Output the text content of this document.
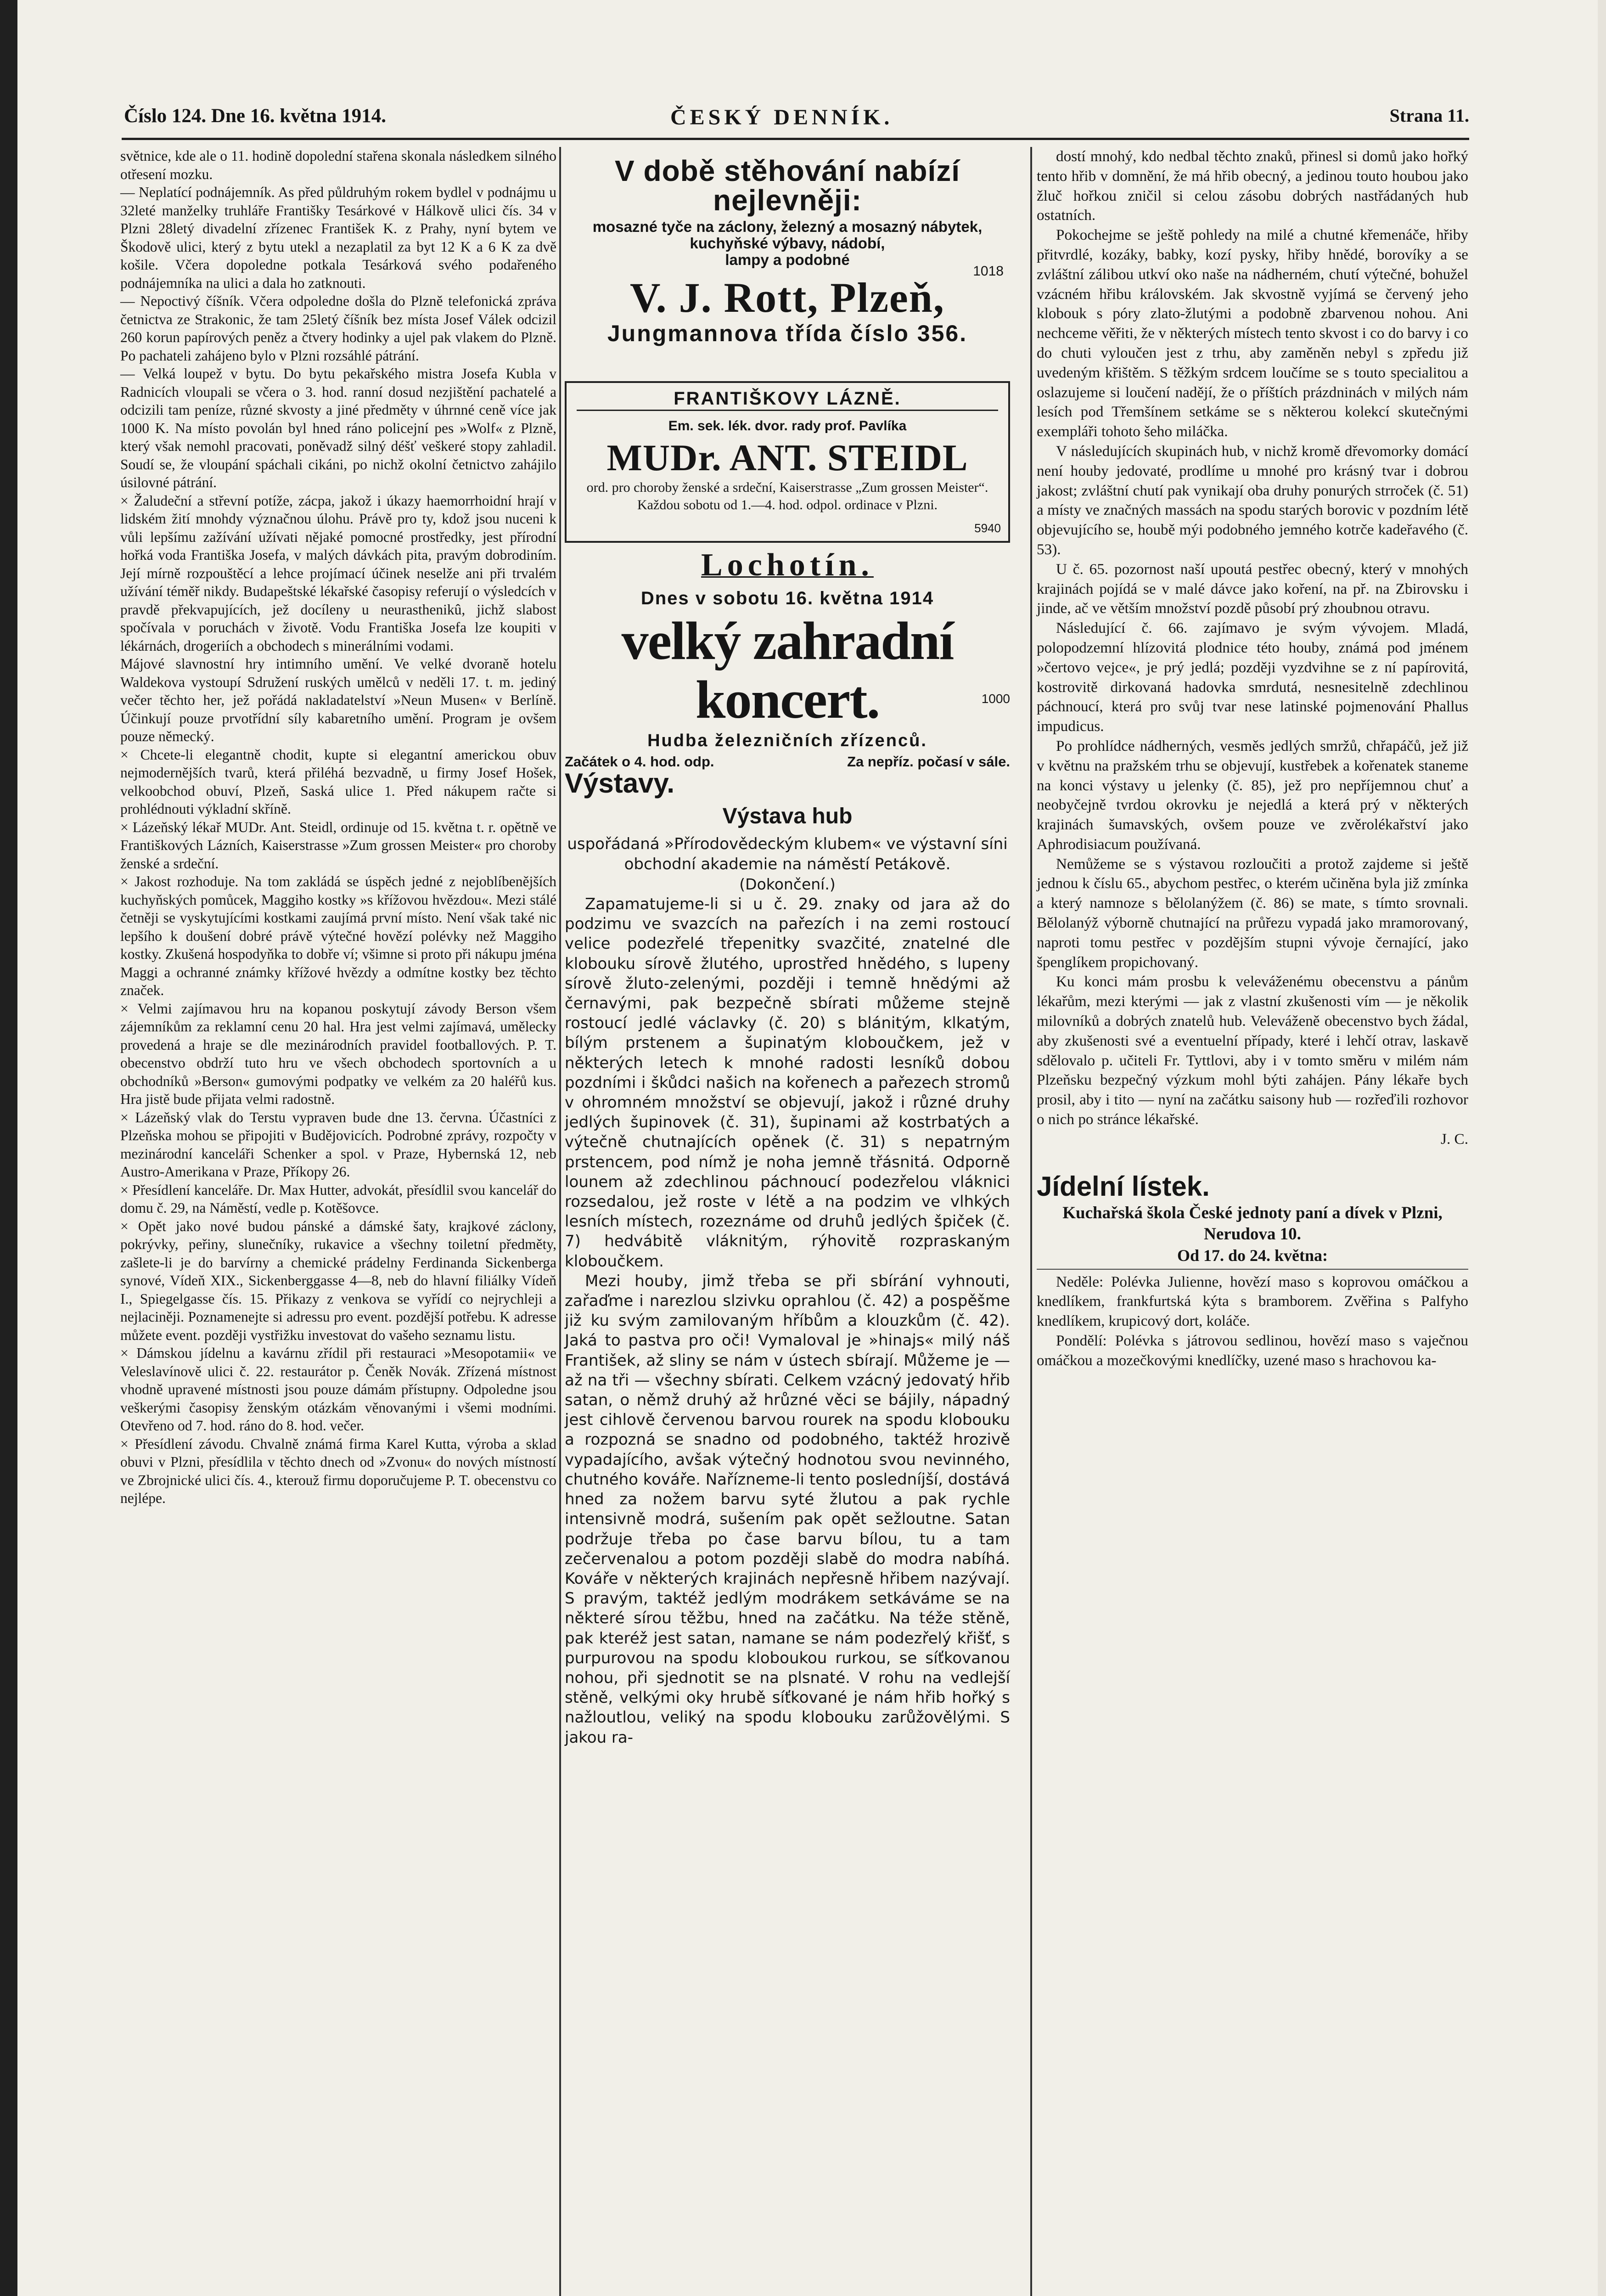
Číslo 124. Dne 16. května 1914.	ČESKÝ DENNÍK.	Strana 11.

světnice, kde ale o 11. hodině dopolední stařena skonala následkem silného otřesení mozku.

— Neplatící podnájemník. As před půldruhým rokem bydlel v podnájmu u 32leté manželky truhláře Františky Tesárkové v Hálkově ulici čís. 34 v Plzni 28letý divadelní zřízenec František K. z Prahy, nyní bytem ve Škodově ulici, který z bytu utekl a nezaplatil za byt 12 K a 6 K za dvě košile. Včera dopoledne potkala Tesárková svého podařeného podnájemníka na ulici a dala ho zatknouti.

— Nepoctivý číšník. Včera odpoledne došla do Plzně telefonická zpráva četnictva ze Strakonic, že tam 25letý číšník bez místa Josef Válek odcizil 260 korun papírových peněz a čtvery hodinky a ujel pak vlakem do Plzně. Po pachateli zahájeno bylo v Plzni rozsáhlé pátrání.

— Velká loupež v bytu. Do bytu pekařského mistra Josefa Kubla v Radnicích vloupali se včera o 3. hod. ranní dosud nezjištění pachatelé a odcizili tam peníze, různé skvosty a jiné předměty v úhrnné ceně více jak 1000 K. Na místo povolán byl hned ráno policejní pes »Wolf« z Plzně, který však nemohl pracovati, poněvadž silný déšť veškeré stopy zahladil. Soudí se, že vloupání spáchali cikáni, po nichž okolní četnictvo zahájilo úsilovné pátrání.

× Žaludeční a střevní potíže, zácpa, jakož i úkazy haemorrhoidní hrají v lidském žití mnohdy význačnou úlohu. Právě pro ty, kdož jsou nuceni k vůli lepšímu zažívání užívati nějaké pomocné prostředky, jest přírodní hořká voda Františka Josefa, v malých dávkách pita, pravým dobrodiním. Její mírně rozpouštěcí a lehce projímací účinek neselže ani při trvalém užívání téměř nikdy. Budapeštské lékařské časopisy referují o výsledcích v pravdě překvapujících, jež docíleny u neurasthenikû, jichž slabost spočívala v poruchách v životě. Vodu Františka Josefa lze koupiti v lékárnách, drogeriích a obchodech s minerálními vodami.

Májové slavnostní hry intimního umění. Ve velké dvoraně hotelu Waldekova vystoupí Sdružení ruských umělců v neděli 17. t. m. jediný večer těchto her, jež pořádá nakladatelství »Neun Musen« v Berlíně. Účinkují pouze prvotřídní síly kabaretního umění. Program je ovšem pouze německý.

× Chcete-li elegantně chodit, kupte si elegantní americkou obuv nejmodernějších tvarů, která přiléhá bezvadně, u firmy Josef Hošek, velkoobchod obuví, Plzeň, Saská ulice 1. Před nákupem račte si prohlédnouti výkladní skříně.

× Lázeňský lékař MUDr. Ant. Steidl, ordinuje od 15. května t. r. opětně ve Františkových Lázních, Kaiserstrasse »Zum grossen Meister« pro choroby ženské a srdeční.

× Jakost rozhoduje. Na tom zakládá se úspěch jedné z nejoblíbenějších kuchyňských pomůcek, Maggiho kostky »s křížovou hvězdou«. Mezi stálé četněji se vyskytujícími kostkami zaujímá první místo. Není však také nic lepšího k doušení dobré právě výtečné hovězí polévky než Maggiho kostky. Zkušená hospodyňka to dobře ví; všimne si proto při nákupu jména Maggi a ochranné známky křížové hvězdy a odmítne kostky bez těchto značek.

× Velmi zajímavou hru na kopanou poskytují závody Berson všem zájemníkům za reklamní cenu 20 hal. Hra jest velmi zajímavá, umělecky provedená a hraje se dle mezinárodních pravidel footballových. P. T. obecenstvo obdrží tuto hru ve všech obchodech sportovních a u obchodníků »Berson« gumovými podpatky ve velkém za 20 haléřů kus. Hra jistě bude přijata velmi radostně.

× Lázeňský vlak do Terstu vypraven bude dne 13. června. Účastníci z Plzeňska mohou se připojiti v Budějovicích. Podrobné zprávy, rozpočty v mezinárodní kanceláři Schenker a spol. v Praze, Hybernská 12, neb Austro-Amerikana v Praze, Příkopy 26.

× Přesídlení kanceláře. Dr. Max Hutter, advokát, přesídlil svou kancelář do domu č. 29, na Náměstí, vedle p. Kotěšovce.

× Opět jako nové budou pánské a dámské šaty, krajkové záclony, pokrývky, peřiny, slunečníky, rukavice a všechny toiletní předměty, zašlete-li je do barvírny a chemické prádelny Ferdinanda Sickenberga synové, Vídeň XIX., Sickenberggasse 4—8, neb do hlavní filiálky Vídeň I., Spiegelgasse čís. 15. Přikazy z venkova se vyřídí co nejrychleji a nejlaciněji. Poznamenejte si adressu pro event. pozdější potřebu. K adresse můžete event. později vystřižku investovat do vašeho seznamu listu.

× Dámskou jídelnu a kavárnu zřídil při restauraci »Mesopotamii« ve Veleslavínově ulici č. 22. restaurátor p. Čeněk Novák. Zřízená místnost vhodně upravené místnosti jsou pouze dámám přístupny. Odpoledne jsou veškerými časopisy ženským otázkám věnovanými i všemi modními. Otevřeno od 7. hod. ráno do 8. hod. večer.

× Přesídlení závodu. Chvalně známá firma Karel Kutta, výroba a sklad obuvi v Plzni, přesídlila v těchto dnech od »Zvonu« do nových místností ve Zbrojnické ulici čís. 4., kterouž firmu doporučujeme P. T. obecenstvu co nejlépe.

V době stěhování nabízí nejlevněji:
mosazné tyče na záclony, železný a mosazný nábytek, kuchyňské výbavy, nádobí,
lampy a podobné
1018
V. J. Rott, Plzeň,
Jungmannova třída číslo 356.
FRANTIŠKOVY LÁZNĚ.
Em. sek. lék. dvor. rady prof. Pavlíka
MUDr. ANT. STEIDL
ord. pro choroby ženské a srdeční, Kaiserstrasse „Zum grossen Meister“. Každou sobotu od 1.—4. hod. odpol. ordinace v Plzni.
5940
Lochotín.
Dnes v sobotu 16. května 1914
velký zahradní koncert.
Hudba železničních zřízenců.
1000
Začátek o 4. hod. odp.	Za nepříz. počasí v sále.
Výstavy.
Výstava hub
uspořádaná »Přírodovědeckým klubem« ve výstavní síni obchodní akademie na náměstí Petákově.
(Dokončení.)

Zapamatujeme-li si u č. 29. znaky od jara až do podzimu ve svazcích na pařezích i na zemi rostoucí velice podezřelé třepenitky svazčité, znatelné dle klobouku sírově žlutého, uprostřed hnědého, s lupeny sírově žluto-zelenými, později i temně hnědými až černavými, pak bezpečně sbírati můžeme stejně rostoucí jedlé václavky (č. 20) s blánitým, klkatým, bílým prstenem a šupinatým kloboučkem, jež v některých letech k mnohé radosti lesníků dobou pozdními i škůdci našich na kořenech a pařezech stromů v ohromném množství se objevují, jakož i různé druhy jedlých šupinovek (č. 31), šupinami až kostrbatých a výtečně chutnajících opěnek (č. 31) s nepatrným prstencem, pod nímž je noha jemně třásnitá. Odporně lounem až zdechlinou páchnoucí podezřelou vláknici rozsedalou, jež roste v létě a na podzim ve vlhkých lesních místech, rozeznáme od druhů jedlých špiček (č. 7) hedvábitě vláknitým, rýhovitě rozpraskaným kloboučkem.

Mezi houby, jimž třeba se při sbírání vyhnouti, zařaďme i narezlou slzivku oprahlou (č. 42) a pospěšme již ku svým zamilovaným hříbům a klouzkům (č. 42). Jaká to pastva pro oči! Vymaloval je »hinajs« milý náš František, až sliny se nám v ústech sbírají. Můžeme je — až na tři — všechny sbírati. Celkem vzácný jedovatý hřib satan, o němž druhý až hrůzné věci se bájily, nápadný jest cihlově červenou barvou rourek na spodu klobouku a rozpozná se snadno od podobného, taktéž hrozivě vypadajícího, avšak výtečný hodnotou svou nevinného, chutného kováře. Nařízneme-li tento posledníjší, dostává hned za nožem barvu syté žlutou a pak rychle intensivně modrá, sušením pak opět sežloutne. Satan podržuje třeba po čase barvu bílou, tu a tam zečervenalou a potom později slabě do modra nabíhá. Kováře v některých krajinách nepřesně hřibem nazývají. S pravým, taktéž jedlým modrákem setkáváme se na některé sírou těžbu, hned na začátku. Na téže stěně, pak kteréž jest satan, namane se nám podezřelý křišť, s purpurovou na spodu kloboukou rurkou, se síťkovanou nohou, při sjednotit se na plsnaté. V rohu na vedlejší stěně, velkými oky hrubě síťkované je nám hřib hořký s nažloutlou, veliký na spodu klobouku zarůžovělými. S jakou ra-

dostí mnohý, kdo nedbal těchto znaků, přinesl si domů jako hořký tento hřib v domnění, že má hřib obecný, a jedinou touto houbou jako žluč hořkou zničil si celou zásobu dobrých nastřádaných hub ostatních.

Pokochejme se ještě pohledy na milé a chutné křemenáče, hřiby přitvrdlé, kozáky, babky, kozí pysky, hřiby hnědé, borovíky a se zvláštní zálibou utkví oko naše na nádherném, chutí výtečné, bohužel vzácném hřibu královském. Jak skvostně vyjímá se červený jeho klobouk s póry zlato-žlutými a podobně zbarvenou nohou. Ani nechceme věřiti, že v některých místech tento skvost i co do barvy i co do chuti vyloučen jest z trhu, aby zaměněn nebyl s zpředu již uvedeným křištěm. S těžkým srdcem loučíme se s touto specialitou a oslazujeme si loučení nadějí, že o příštích prázdninách v milých nám lesích pod Třemšínem setkáme se s některou kolekcí skutečnými exempláři tohoto šeho miláčka.

V následujících skupinách hub, v nichž kromě dřevomorky domácí není houby jedovaté, prodlíme u mnohé pro krásný tvar i dobrou jakost; zvláštní chutí pak vynikají oba druhy ponurých strroček (č. 51) a místy ve značných massách na spodu starých borovic v pozdním létě objevujícího se, houbě mýi podobného jemného kotrče kadeřavého (č. 53).

U č. 65. pozornost naší upoutá pestřec obecný, který v mnohých krajinách pojídá se v malé dávce jako koření, na př. na Zbirovsku i jinde, ač ve větším množství pozdě působí prý zhoubnou otravu.

Následující č. 66. zajímavo je svým vývojem. Mladá, polopodzemní hlízovitá plodnice této houby, známá pod jménem »čertovo vejce«, je prý jedlá; později vyzdvihne se z ní papírovitá, kostrovitě dirkovaná hadovka smrdutá, nesnesitelně zdechlinou páchnoucí, která pro svůj tvar nese latinské pojmenování Phallus impudicus.

Po prohlídce nádherných, vesměs jedlých smržů, chřapáčů, jež již v květnu na pražském trhu se objevují, kustřebek a kořenatek staneme na konci výstavy u jelenky (č. 85), jež pro nepříjemnou chuť a neobyčejně tvrdou okrovku je nejedlá a která prý v některých krajinách šumavských, ovšem pouze ve zvěrolékařství jako Aphrodisiacum používaná.

Nemůžeme se s výstavou rozloučiti a protož zajdeme si ještě jednou k číslu 65., abychom pestřec, o kterém učiněna byla již zmínka a který namnoze s bělolanýžem (č. 86) se mate, s tímto srovnali. Bělolanýž výborně chutnající na průřezu vypadá jako mramorovaný, naproti tomu pestřec v pozdějším stupni vývoje černající, jako špenglíkem propichovaný.

Ku konci mám prosbu k veleváženému obecenstvu a pánům lékařům, mezi kterými — jak z vlastní zkušenosti vím — je několik milovníků a dobrých znatelů hub. Veleváženě obecenstvo bych žádal, aby zkušenosti své a eventuelní případy, které i lehčí otrav, laskavě sdělovalo p. učiteli Fr. Tyttlovi, aby i v tomto směru v milém nám Plzeňsku bezpečný výzkum mohl býti zahájen. Pány lékaře bych prosil, aby i tito — nyní na začátku saisony hub — rozřeďili rozhovor o nich po stránce lékařské.

J. C.
Jídelní lístek.
Kuchařská škola České jednoty paní a dívek v Plzni, Nerudova 10.
Od 17. do 24. května:

Neděle: Polévka Julienne, hovězí maso s koprovou omáčkou a knedlíkem, frankfurtská kýta s bramborem. Zvěřina s Palfyho knedlíkem, krupicový dort, koláče.

Pondělí: Polévka s játrovou sedlinou, hovězí maso s vaječnou omáčkou a mozečkovými knedlíčky, uzené maso s hrachovou ka-
